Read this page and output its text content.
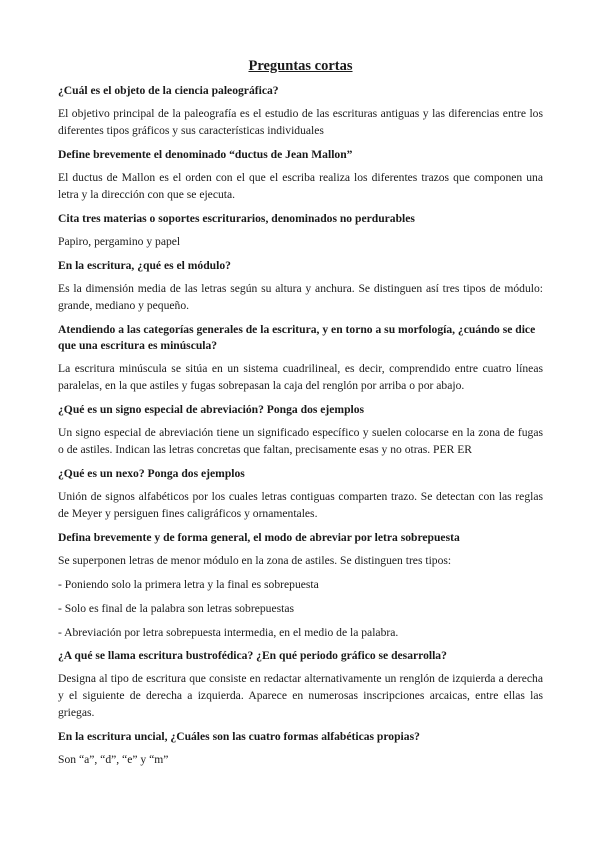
Preguntas cortas

¿Cuál es el objeto de la ciencia paleográfica?

El objetivo principal de la paleografía es el estudio de las escrituras antiguas y las diferencias entre los diferentes tipos gráficos y sus características individuales

Define brevemente el denominado “ductus de Jean Mallon”

El ductus de Mallon es el orden con el que el escriba realiza los diferentes trazos que componen una letra y la dirección con que se ejecuta.

Cita tres materias o soportes escriturarios, denominados no perdurables

Papiro, pergamino y papel

En la escritura, ¿qué es el módulo?

Es la dimensión media de las letras según su altura y anchura. Se distinguen así tres tipos de módulo: grande, mediano y pequeño.

Atendiendo a las categorías generales de la escritura, y en torno a su morfología, ¿cuándo se dice que una escritura es minúscula?

La escritura minúscula se sitúa en un sistema cuadrilineal, es decir, comprendido entre cuatro líneas paralelas, en la que astiles y fugas sobrepasan la caja del renglón por arriba o por abajo.

¿Qué es un signo especial de abreviación? Ponga dos ejemplos

Un signo especial de abreviación tiene un significado específico y suelen colocarse en la zona de fugas o de astiles. Indican las letras concretas que faltan, precisamente esas y no otras. PER ER

¿Qué es un nexo? Ponga dos ejemplos

Unión de signos alfabéticos por los cuales letras contiguas comparten trazo. Se detectan con las reglas de Meyer y persiguen fines caligráficos y ornamentales.

Defina brevemente y de forma general, el modo de abreviar por letra sobrepuesta

Se superponen letras de menor módulo en la zona de astiles. Se distinguen tres tipos:

- Poniendo solo la primera letra y la final es sobrepuesta

- Solo es final de la palabra son letras sobrepuestas

- Abreviación por letra sobrepuesta intermedia, en el medio de la palabra.

¿A qué se llama escritura bustrofédica? ¿En qué periodo gráfico se desarrolla?

Designa al tipo de escritura que consiste en redactar alternativamente un renglón de izquierda a derecha y el siguiente de derecha a izquierda. Aparece en numerosas inscripciones arcaicas, entre ellas las griegas.

En la escritura uncial, ¿Cuáles son las cuatro formas alfabéticas propias?

Son “a”, “d”, “e” y “m”
